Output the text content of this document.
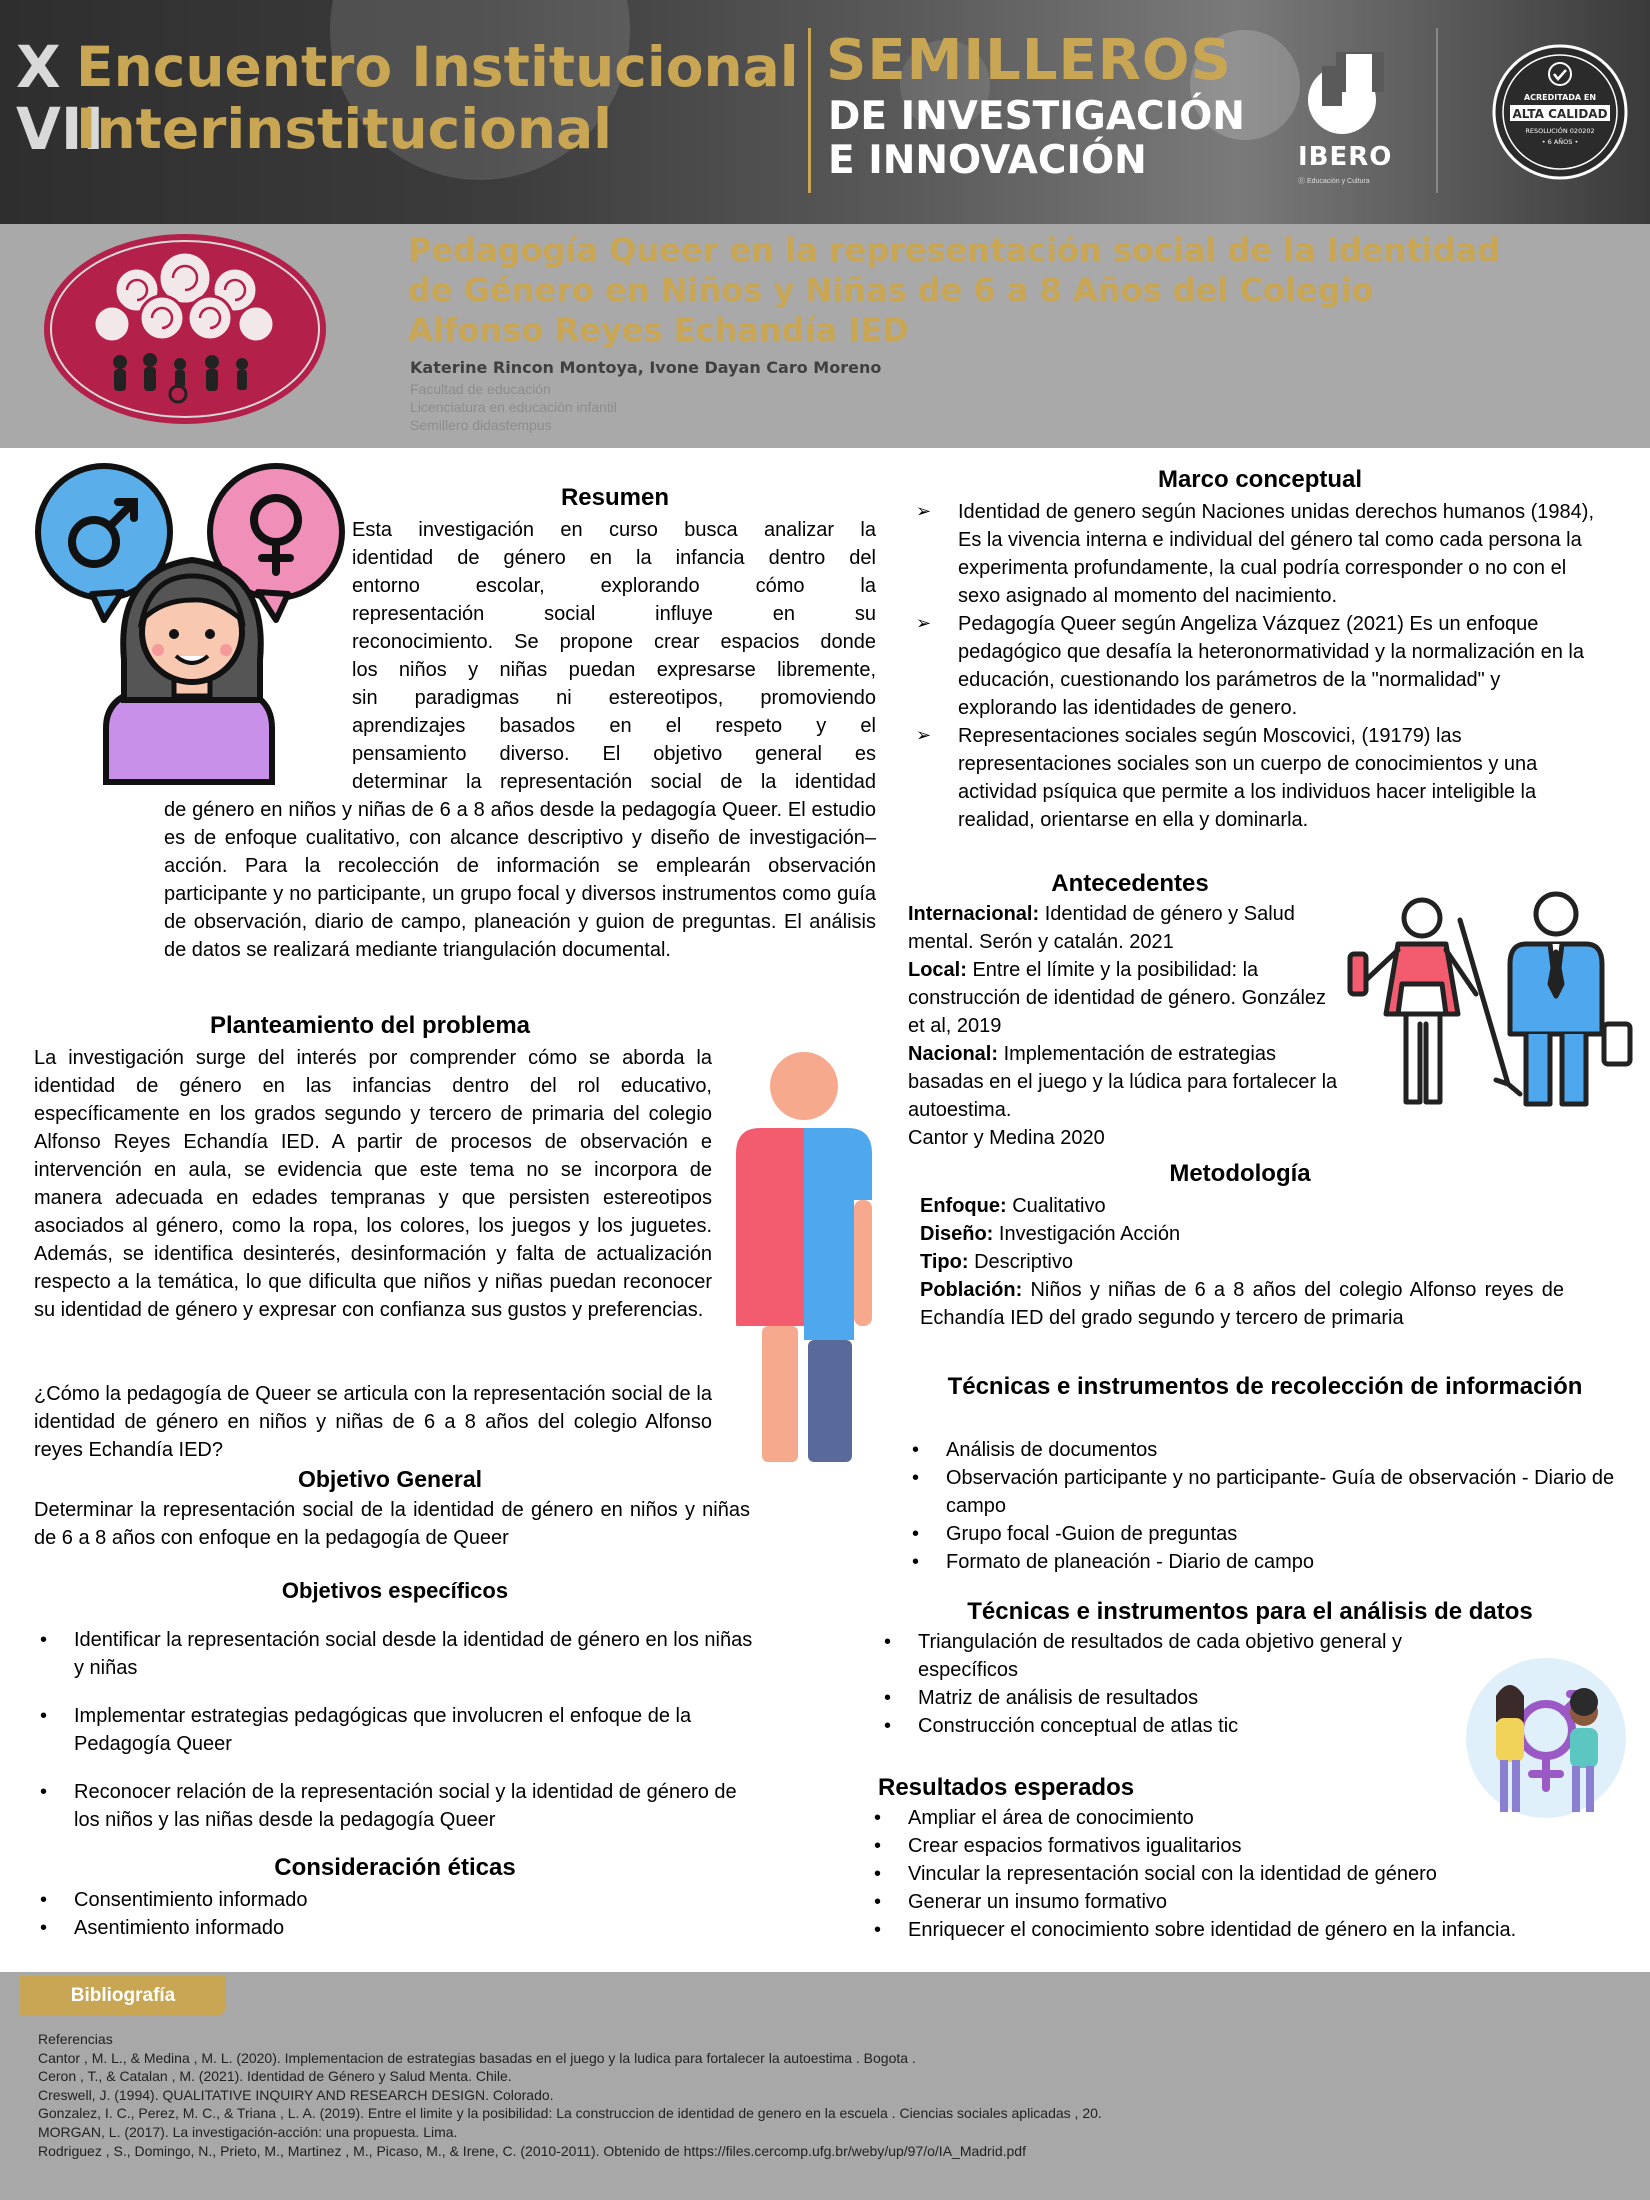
X
VII
Encuentro Institucional
Interinstitucional
SEMILLEROS
DE INVESTIGACIÓN
E INNOVACIÓN	IBERO
Ⓡ Educación y Cultura
ACREDITADA EN
ALTA CALIDAD
RESOLUCIÓN 020202
• 6 AÑOS •
Pedagogía Queer en la representación social de la Identidad de Género en Niños y Niñas de 6 a 8 Años del Colegio Alfonso Reyes Echandía IED
Katerine Rincon Montoya, Ivone Dayan Caro Moreno
Facultad de educación
Licenciatura en educación infantil
Semillero didastempus
Resumen
Esta investigación en curso busca analizar la
identidad de género en la infancia dentro del
entorno escolar, explorando cómo la
representación social influye en su
reconocimiento. Se propone crear espacios donde
los niños y niñas puedan expresarse libremente,
sin paradigmas ni estereotipos, promoviendo
aprendizajes basados en el respeto y el
pensamiento diverso. El objetivo general es
determinar la representación social de la identidad
de género en niños y niñas de 6 a 8 años desde la pedagogía Queer. El estudio es de enfoque cualitativo, con alcance descriptivo y diseño de investigación–acción. Para la recolección de información se emplearán observación participante y no participante, un grupo focal y diversos instrumentos como guía de observación, diario de campo, planeación y guion de preguntas. El análisis de datos se realizará mediante triangulación documental.
Planteamiento del problema
La investigación surge del interés por comprender cómo se aborda la identidad de género en las infancias dentro del rol educativo, específicamente en los grados segundo y tercero de primaria del colegio Alfonso Reyes Echandía IED. A partir de procesos de observación e intervención en aula, se evidencia que este tema no se incorpora de manera adecuada en edades tempranas y que persisten estereotipos asociados al género, como la ropa, los colores, los juegos y los juguetes. Además, se identifica desinterés, desinformación y falta de actualización respecto a la temática, lo que dificulta que niños y niñas puedan reconocer su identidad de género y expresar con confianza sus gustos y preferencias.
¿Cómo la pedagogía de Queer se articula con la representación social de la identidad de género en niños y niñas de 6 a 8 años del colegio Alfonso reyes Echandía IED?
Objetivo General
Determinar la representación social de la identidad de género en niños y niñas de 6 a 8 años con enfoque en la pedagogía de Queer
Objetivos específicos
• Identificar la representación social desde la identidad de género en los niñas y niñas
• Implementar estrategias pedagógicas que involucren el enfoque de la Pedagogía Queer
• Reconocer relación de la representación social y la identidad de género de los niños y las niñas desde la pedagogía Queer
Consideración éticas
• Consentimiento informado
• Asentimiento informado
Marco conceptual
➢ Identidad de genero según Naciones unidas derechos humanos (1984), Es la vivencia interna e individual del género tal como cada persona la experimenta profundamente, la cual podría corresponder o no con el sexo asignado al momento del nacimiento.
➢ Pedagogía Queer según Angeliza Vázquez (2021) Es un enfoque pedagógico que desafía la heteronormatividad y la normalización en la educación, cuestionando los parámetros de la "normalidad" y explorando las identidades de genero.
➢ Representaciones sociales según Moscovici, (19179) las representaciones sociales son un cuerpo de conocimientos y una actividad psíquica que permite a los individuos hacer inteligible la realidad, orientarse en ella y dominarla.
Antecedentes
Internacional: Identidad de género y Salud mental. Serón y catalán. 2021
Local: Entre el límite y la posibilidad: la construcción de identidad de género. González et al, 2019
Nacional: Implementación de estrategias basadas en el juego y la lúdica para fortalecer la autoestima.
Cantor y Medina 2020
Metodología
Enfoque: Cualitativo
Diseño: Investigación Acción
Tipo: Descriptivo
Población: Niños y niñas de 6 a 8 años del colegio Alfonso reyes de Echandía IED del grado segundo y tercero de primaria
Técnicas e instrumentos de recolección de información
• Análisis de documentos
• Observación participante y no participante- Guía de observación - Diario de campo
• Grupo focal -Guion de preguntas
• Formato de planeación - Diario de campo
Técnicas e instrumentos para el análisis de datos
• Triangulación de resultados de cada objetivo general y específicos
• Matriz de análisis de resultados
• Construcción conceptual de atlas tic
Resultados esperados
• Ampliar el área de conocimiento
• Crear espacios formativos igualitarios
• Vincular la representación social con la identidad de género
• Generar un insumo formativo
• Enriquecer el conocimiento sobre identidad de género en la infancia.
Bibliografía
Referencias
Cantor , M. L., & Medina , M. L. (2020). Implementacion de estrategias basadas en el juego y la ludica para fortalecer la autoestima . Bogota .
Ceron , T., & Catalan , M. (2021). Identidad de Género y Salud Menta. Chile.
Creswell, J. (1994). QUALITATIVE INQUIRY AND RESEARCH DESIGN. Colorado.
Gonzalez, I. C., Perez, M. C., & Triana , L. A. (2019). Entre el limite y la posibilidad: La construccion de identidad de genero en la escuela . Ciencias sociales aplicadas , 20.
MORGAN, L. (2017). La investigación-acción: una propuesta. Lima.
Rodriguez , S., Domingo, N., Prieto, M., Martinez , M., Picaso, M., & Irene, C. (2010-2011). Obtenido de https://files.cercomp.ufg.br/weby/up/97/o/IA_Madrid.pdf
